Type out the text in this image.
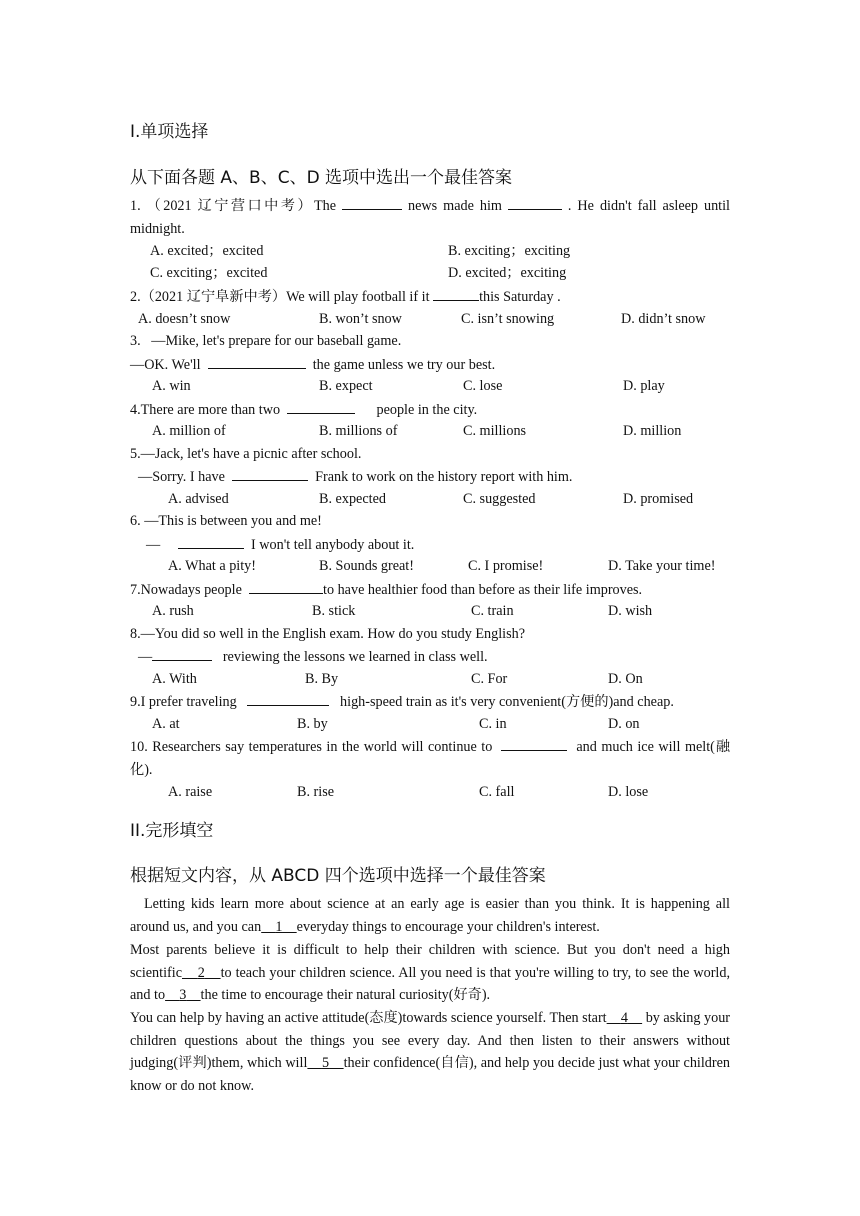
I.单项选择
从下面各题 A、B、C、D 选项中选出一个最佳答案
1. （2021 辽宁营口中考）The	news made him	. He didn't fall asleep until midnight.
A. excited；excited	B. exciting；exciting
C. exciting；excited	D. excited；exciting
2.（2021 辽宁阜新中考）We will play football if it	this Saturday .
A. doesn’t snow	B. won’t snow	C. isn’t snowing	D. didn’t snow
3. —Mike, let's prepare for our baseball game.
—OK. We'll	the game unless we try our best.
A. win	B. expect	C. lose	D. play
4.There are more than two	people in the city.
A. million of	B. millions of	C. millions	D. million
5.—Jack, let's have a picnic after school.
—Sorry. I have	Frank to work on the history report with him.
A. advised	B. expected	C. suggested	D. promised
6. —This is between you and me!
—	I won't tell anybody about it.
A. What a pity!	B. Sounds great!	C. I promise!	D. Take your time!
7.Nowadays people	to have healthier food than before as their life improves.
A. rush	B. stick	C. train	D. wish
8.—You did so well in the English exam. How do you study English?
—	reviewing the lessons we learned in class well.
A. With	B. By	C. For	D. On
9.I prefer traveling	high-speed train as it's very convenient(方便的)and cheap.
A. at	B. by	C. in	D. on
10. Researchers say temperatures in the world will continue to	and much ice will melt(融化).
A. raise	B. rise	C. fall	D. lose
II.完形填空
根据短文内容，从 ABCD 四个选项中选择一个最佳答案
Letting kids learn more about science at an early age is easier than you think. It is happening all around us, and you can 1 everyday things to encourage your children's interest.
Most parents believe it is difficult to help their children with science. But you don't need a high scientific 2 to teach your children science. All you need is that you're willing to try, to see the world, and to 3 the time to encourage their natural curiosity(好奇).
You can help by having an active attitude(态度)towards science yourself. Then start 4 by asking your children questions about the things you see every day. And then listen to their answers without judging(评判)them, which will 5 their confidence(自信), and help you decide just what your children know or do not know.
